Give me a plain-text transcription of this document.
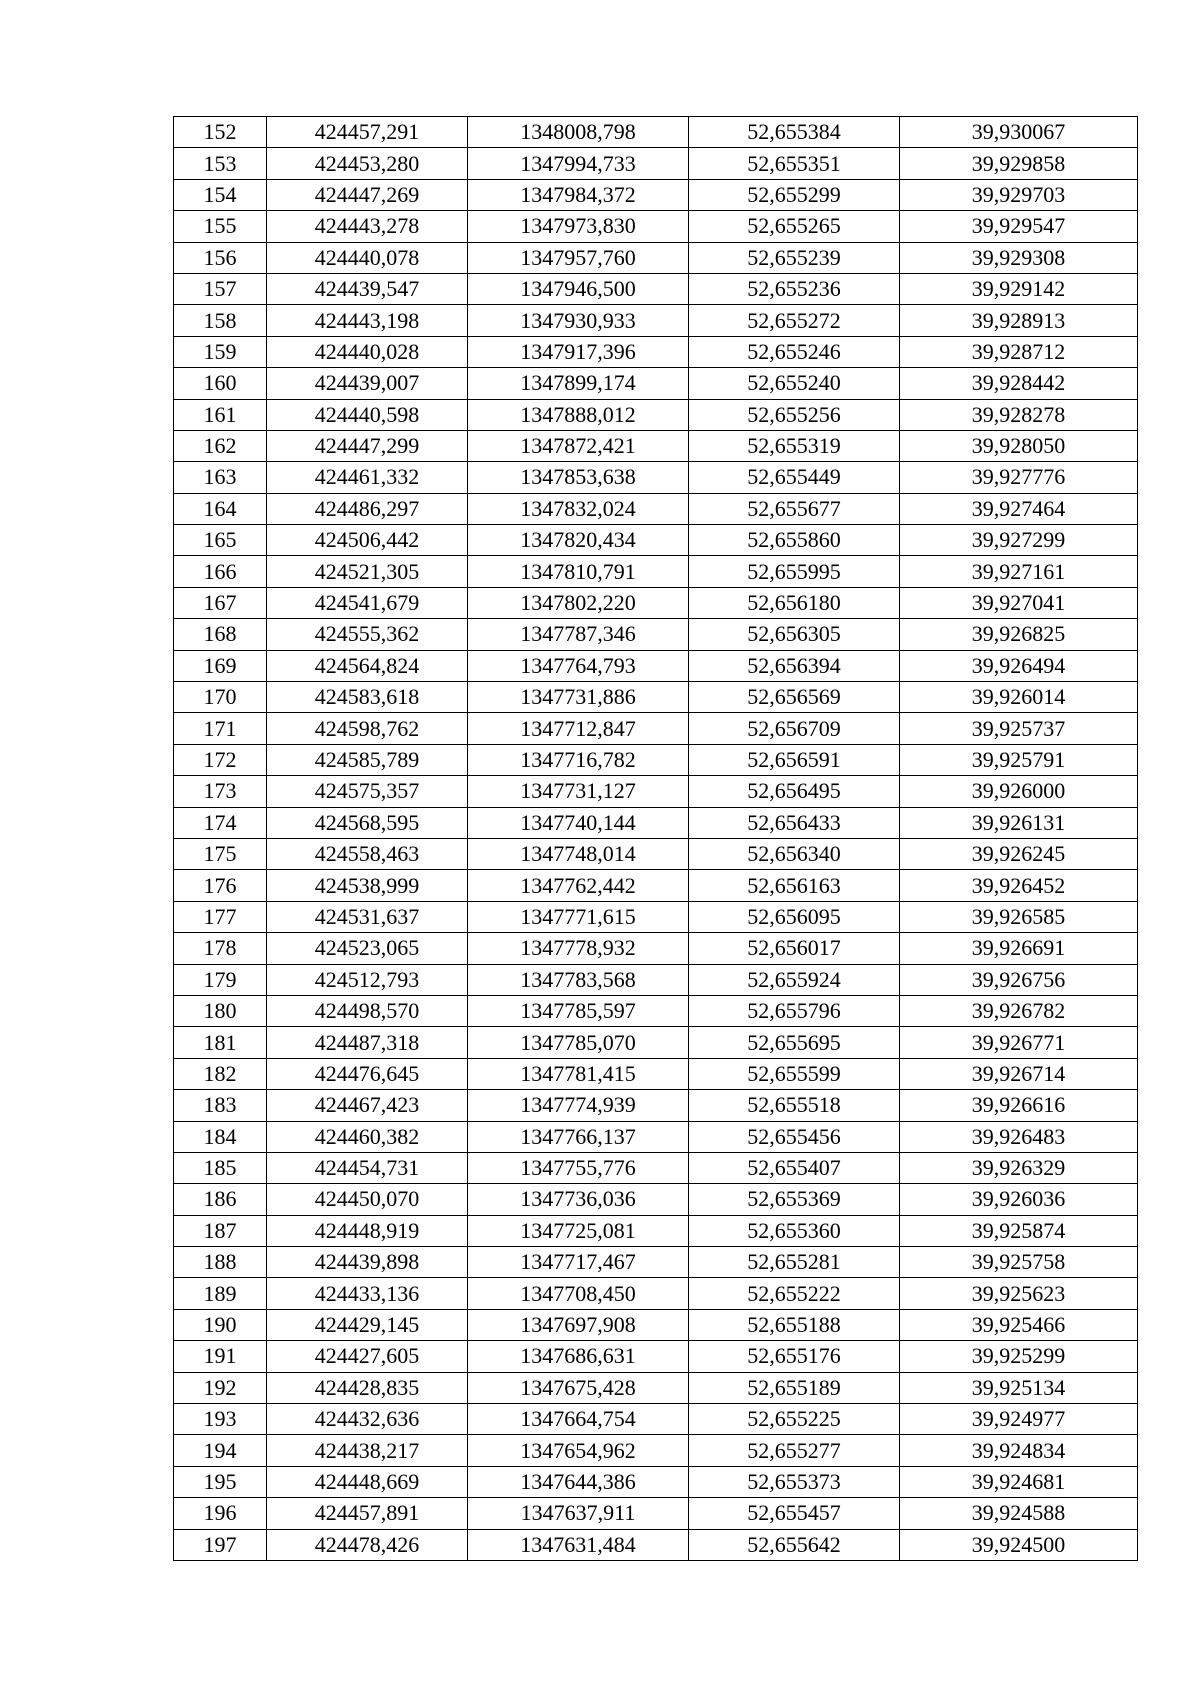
152	424457,291	1348008,798	52,655384	39,930067
153	424453,280	1347994,733	52,655351	39,929858
154	424447,269	1347984,372	52,655299	39,929703
155	424443,278	1347973,830	52,655265	39,929547
156	424440,078	1347957,760	52,655239	39,929308
157	424439,547	1347946,500	52,655236	39,929142
158	424443,198	1347930,933	52,655272	39,928913
159	424440,028	1347917,396	52,655246	39,928712
160	424439,007	1347899,174	52,655240	39,928442
161	424440,598	1347888,012	52,655256	39,928278
162	424447,299	1347872,421	52,655319	39,928050
163	424461,332	1347853,638	52,655449	39,927776
164	424486,297	1347832,024	52,655677	39,927464
165	424506,442	1347820,434	52,655860	39,927299
166	424521,305	1347810,791	52,655995	39,927161
167	424541,679	1347802,220	52,656180	39,927041
168	424555,362	1347787,346	52,656305	39,926825
169	424564,824	1347764,793	52,656394	39,926494
170	424583,618	1347731,886	52,656569	39,926014
171	424598,762	1347712,847	52,656709	39,925737
172	424585,789	1347716,782	52,656591	39,925791
173	424575,357	1347731,127	52,656495	39,926000
174	424568,595	1347740,144	52,656433	39,926131
175	424558,463	1347748,014	52,656340	39,926245
176	424538,999	1347762,442	52,656163	39,926452
177	424531,637	1347771,615	52,656095	39,926585
178	424523,065	1347778,932	52,656017	39,926691
179	424512,793	1347783,568	52,655924	39,926756
180	424498,570	1347785,597	52,655796	39,926782
181	424487,318	1347785,070	52,655695	39,926771
182	424476,645	1347781,415	52,655599	39,926714
183	424467,423	1347774,939	52,655518	39,926616
184	424460,382	1347766,137	52,655456	39,926483
185	424454,731	1347755,776	52,655407	39,926329
186	424450,070	1347736,036	52,655369	39,926036
187	424448,919	1347725,081	52,655360	39,925874
188	424439,898	1347717,467	52,655281	39,925758
189	424433,136	1347708,450	52,655222	39,925623
190	424429,145	1347697,908	52,655188	39,925466
191	424427,605	1347686,631	52,655176	39,925299
192	424428,835	1347675,428	52,655189	39,925134
193	424432,636	1347664,754	52,655225	39,924977
194	424438,217	1347654,962	52,655277	39,924834
195	424448,669	1347644,386	52,655373	39,924681
196	424457,891	1347637,911	52,655457	39,924588
197	424478,426	1347631,484	52,655642	39,924500
